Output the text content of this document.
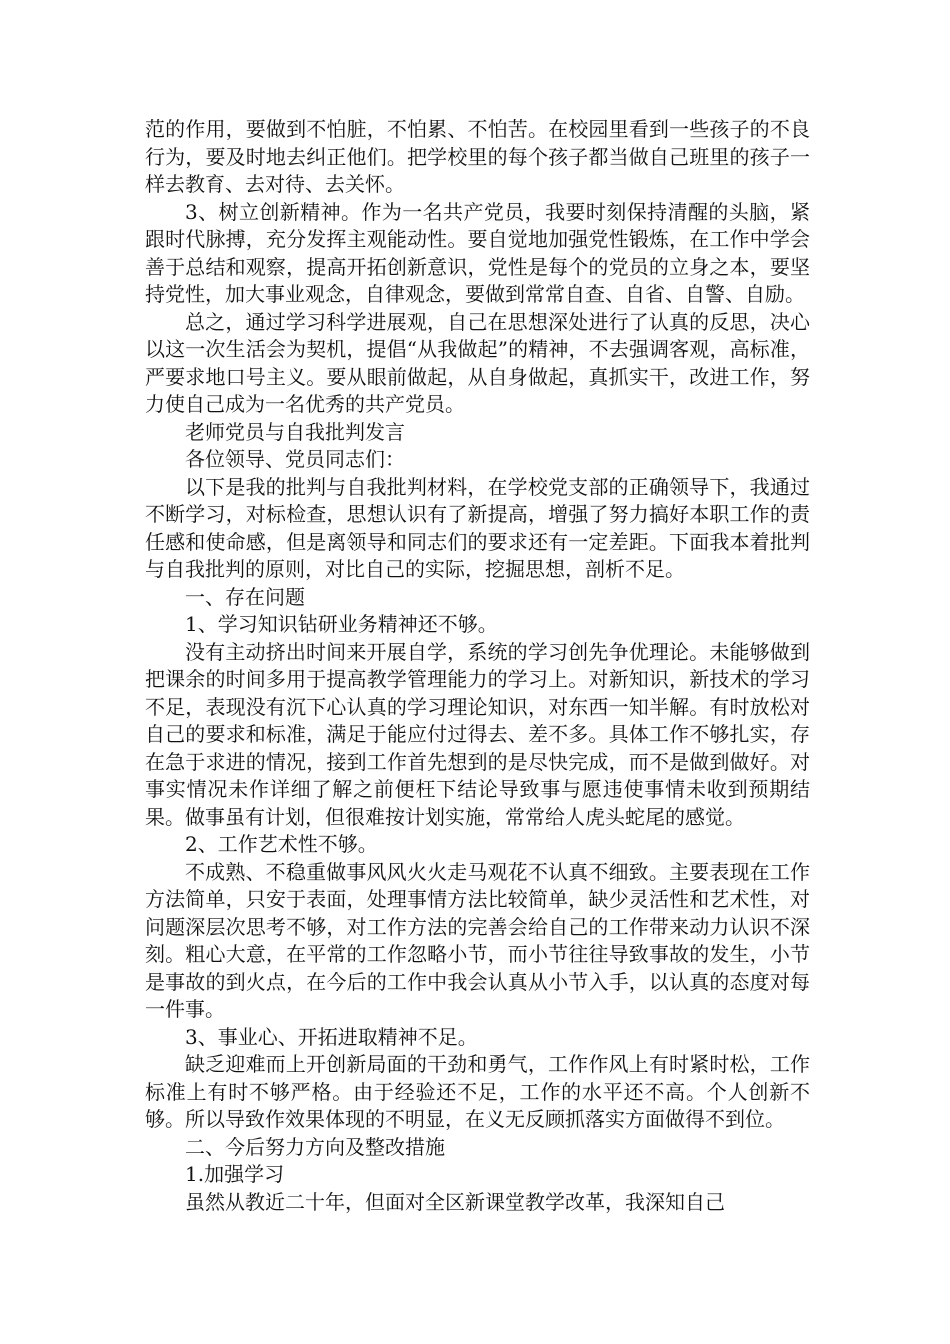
范的作用，要做到不怕脏，不怕累、不怕苦。在校园里看到一些孩子的不良行为，要及时地去纠正他们。把学校里的每个孩子都当做自己班里的孩子一样去教育、去对待、去关怀。

3、树立创新精神。作为一名共产党员，我要时刻保持清醒的头脑，紧跟时代脉搏，充分发挥主观能动性。要自觉地加强党性锻炼，在工作中学会善于总结和观察，提高开拓创新意识，党性是每个的党员的立身之本，要坚持党性，加大事业观念，自律观念，要做到常常自查、自省、自警、自励。

总之，通过学习科学进展观，自己在思想深处进行了认真的反思，决心以这一次生活会为契机，提倡“从我做起”的精神，不去强调客观，高标准，严要求地口号主义。要从眼前做起，从自身做起，真抓实干，改进工作，努力使自己成为一名优秀的共产党员。

老师党员与自我批判发言

各位领导、党员同志们：

以下是我的批判与自我批判材料，在学校党支部的正确领导下，我通过不断学习，对标检查，思想认识有了新提高，增强了努力搞好本职工作的责任感和使命感，但是离领导和同志们的要求还有一定差距。下面我本着批判与自我批判的原则，对比自己的实际，挖掘思想，剖析不足。

一、存在问题

1、学习知识钻研业务精神还不够。

没有主动挤出时间来开展自学，系统的学习创先争优理论。未能够做到把课余的时间多用于提高教学管理能力的学习上。对新知识，新技术的学习不足，表现没有沉下心认真的学习理论知识，对东西一知半解。有时放松对自己的要求和标准，满足于能应付过得去、差不多。具体工作不够扎实，存在急于求进的情况，接到工作首先想到的是尽快完成，而不是做到做好。对事实情况未作详细了解之前便枉下结论导致事与愿违使事情未收到预期结果。做事虽有计划，但很难按计划实施，常常给人虎头蛇尾的感觉。

2、工作艺术性不够。

不成熟、不稳重做事风风火火走马观花不认真不细致。主要表现在工作方法简单，只安于表面，处理事情方法比较简单，缺少灵活性和艺术性，对问题深层次思考不够，对工作方法的完善会给自己的工作带来动力认识不深刻。粗心大意，在平常的工作忽略小节，而小节往往导致事故的发生，小节是事故的到火点，在今后的工作中我会认真从小节入手，以认真的态度对每一件事。

3、事业心、开拓进取精神不足。

缺乏迎难而上开创新局面的干劲和勇气，工作作风上有时紧时松，工作标准上有时不够严格。由于经验还不足，工作的水平还不高。个人创新不够。所以导致作效果体现的不明显，在义无反顾抓落实方面做得不到位。

二、今后努力方向及整改措施

1.加强学习

虽然从教近二十年，但面对全区新课堂教学改革，我深知自己
